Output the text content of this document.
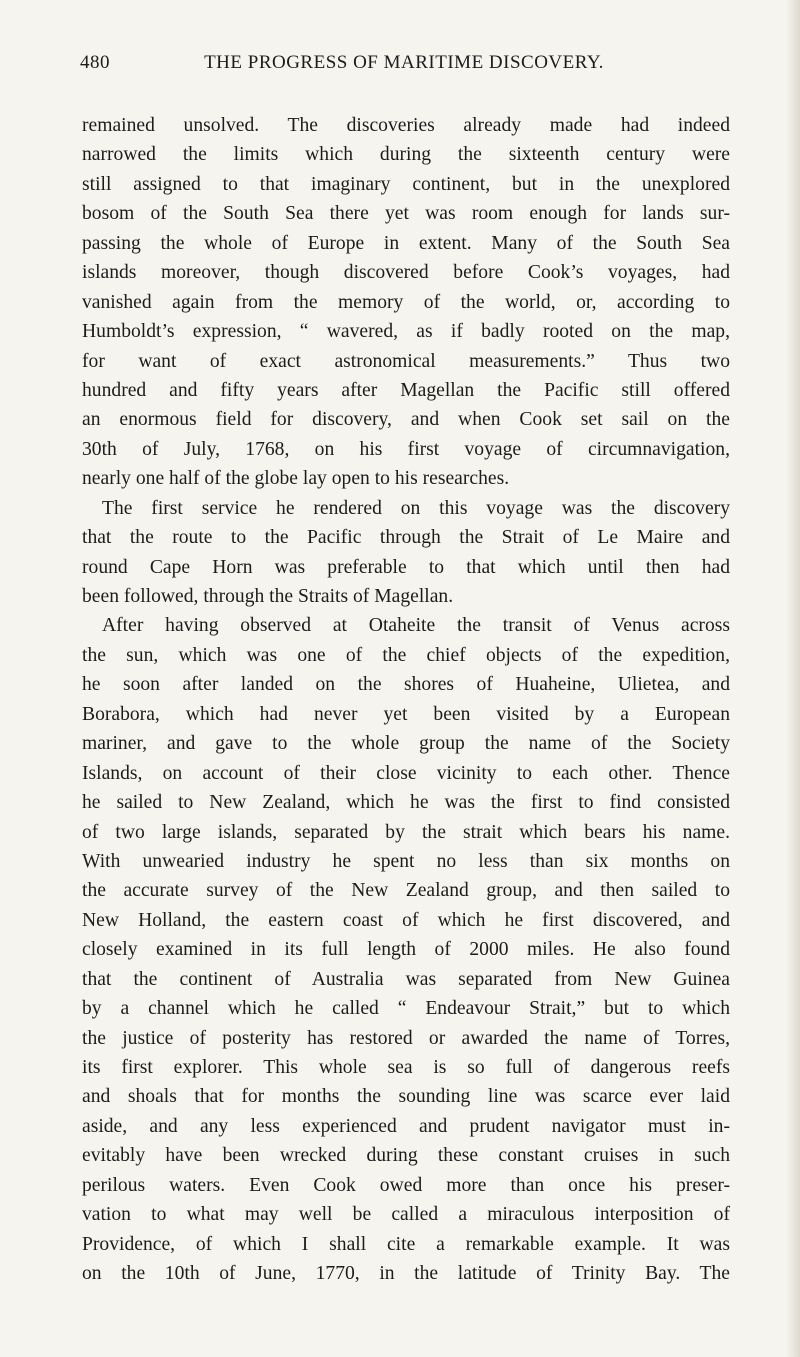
480	THE PROGRESS OF MARITIME DISCOVERY.
remained unsolved. The discoveries already made had indeed
narrowed the limits which during the sixteenth century were
still assigned to that imaginary continent, but in the unexplored
bosom of the South Sea there yet was room enough for lands sur-
passing the whole of Europe in extent. Many of the South Sea
islands moreover, though discovered before Cook’s voyages, had
vanished again from the memory of the world, or, according to
Humboldt’s expression, “ wavered, as if badly rooted on the map,
for want of exact astronomical measurements.” Thus two
hundred and fifty years after Magellan the Pacific still offered
an enormous field for discovery, and when Cook set sail on the
30th of July, 1768, on his first voyage of circumnavigation,
nearly one half of the globe lay open to his researches.
The first service he rendered on this voyage was the discovery
that the route to the Pacific through the Strait of Le Maire and
round Cape Horn was preferable to that which until then had
been followed, through the Straits of Magellan.
After having observed at Otaheite the transit of Venus across
the sun, which was one of the chief objects of the expedition,
he soon after landed on the shores of Huaheine, Ulietea, and
Borabora, which had never yet been visited by a European
mariner, and gave to the whole group the name of the Society
Islands, on account of their close vicinity to each other. Thence
he sailed to New Zealand, which he was the first to find consisted
of two large islands, separated by the strait which bears his name.
With unwearied industry he spent no less than six months on
the accurate survey of the New Zealand group, and then sailed to
New Holland, the eastern coast of which he first discovered, and
closely examined in its full length of 2000 miles. He also found
that the continent of Australia was separated from New Guinea
by a channel which he called “ Endeavour Strait,” but to which
the justice of posterity has restored or awarded the name of Torres,
its first explorer. This whole sea is so full of dangerous reefs
and shoals that for months the sounding line was scarce ever laid
aside, and any less experienced and prudent navigator must in-
evitably have been wrecked during these constant cruises in such
perilous waters. Even Cook owed more than once his preser-
vation to what may well be called a miraculous interposition of
Providence, of which I shall cite a remarkable example. It was
on the 10th of June, 1770, in the latitude of Trinity Bay. The
